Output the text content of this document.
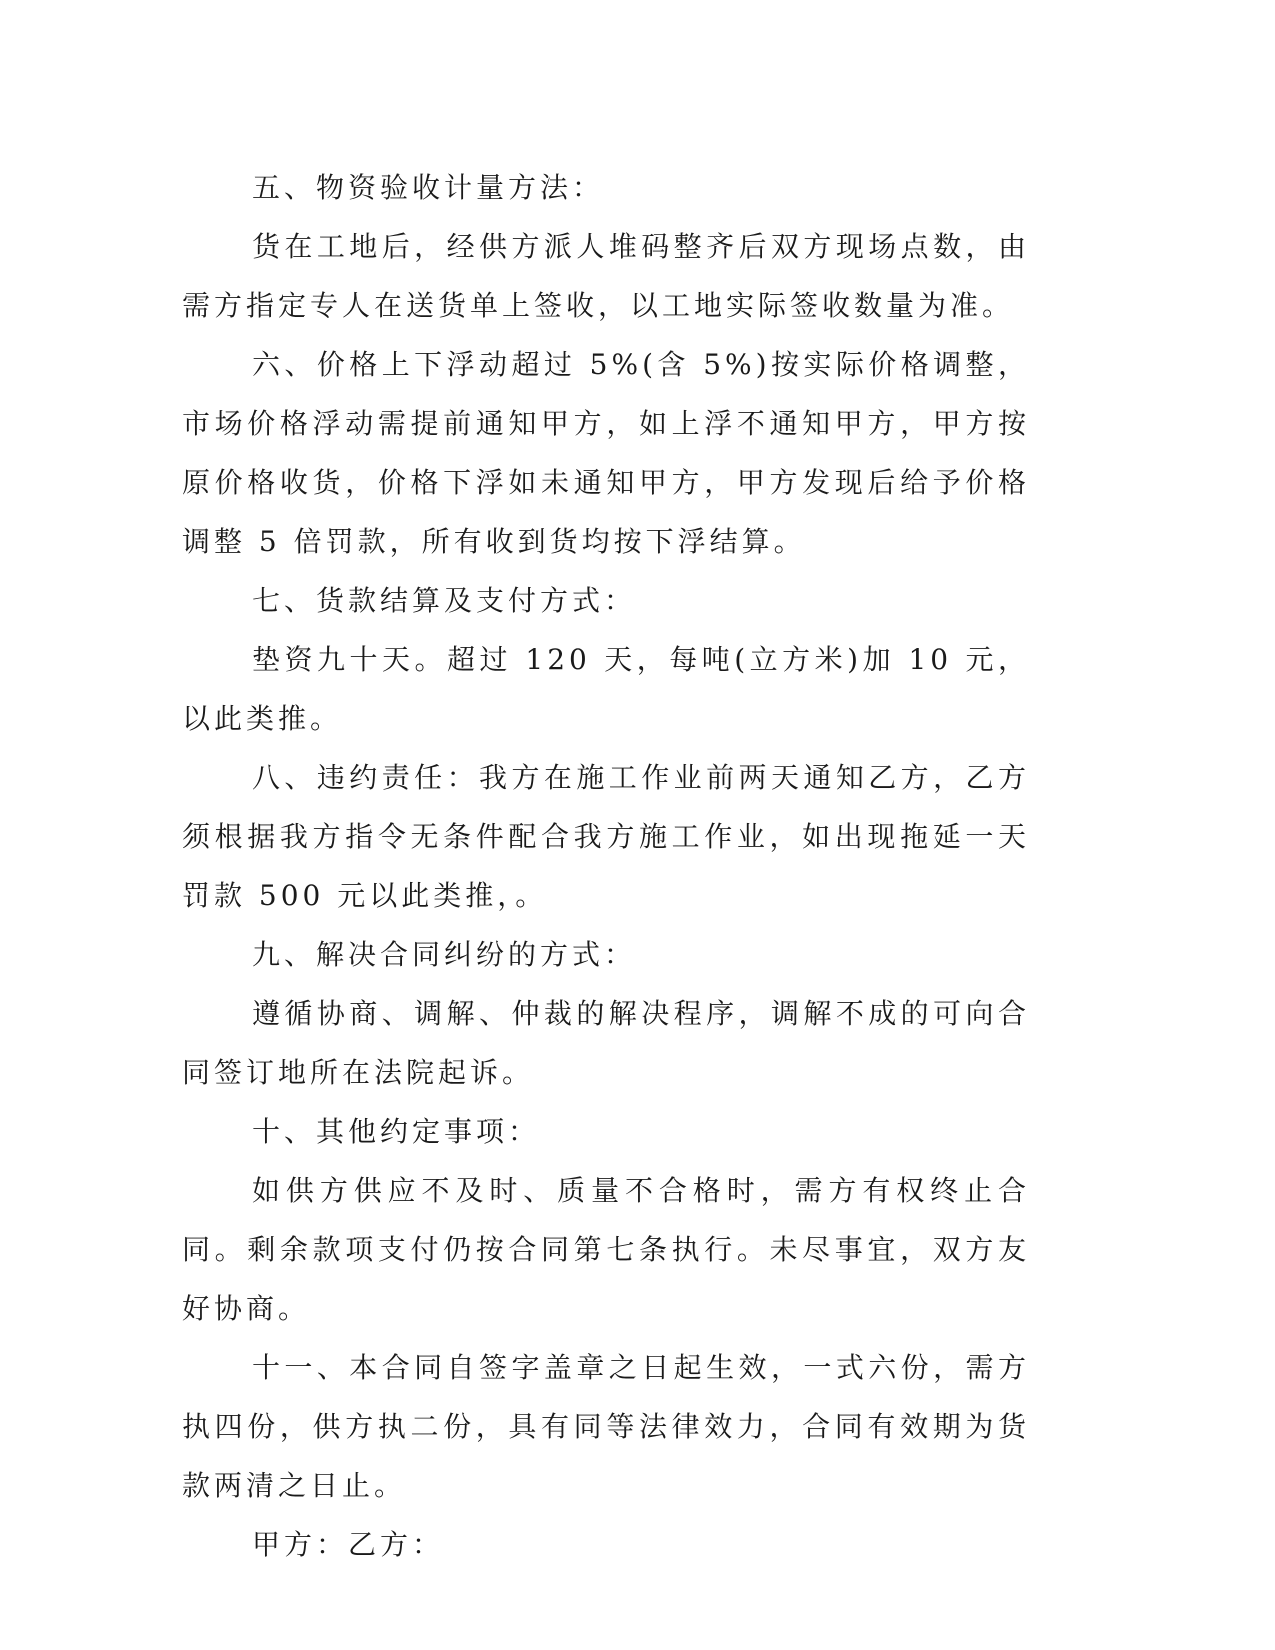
五、物资验收计量方法：

货在工地后，经供方派人堆码整齐后双方现场点数，由需方指定专人在送货单上签收，以工地实际签收数量为准。

六、价格上下浮动超过 5%(含 5%)按实际价格调整，市场价格浮动需提前通知甲方，如上浮不通知甲方，甲方按原价格收货，价格下浮如未通知甲方，甲方发现后给予价格调整 5 倍罚款，所有收到货均按下浮结算。

七、货款结算及支付方式：

垫资九十天。超过 120 天，每吨(立方米)加 10 元，以此类推。

八、违约责任：我方在施工作业前两天通知乙方，乙方须根据我方指令无条件配合我方施工作业，如出现拖延一天罚款 500 元以此类推，。

九、解决合同纠纷的方式：

遵循协商、调解、仲裁的解决程序，调解不成的可向合同签订地所在法院起诉。

十、其他约定事项：

如供方供应不及时、质量不合格时，需方有权终止合同。剩余款项支付仍按合同第七条执行。未尽事宜，双方友好协商。

十一、本合同自签字盖章之日起生效，一式六份，需方执四份，供方执二份，具有同等法律效力，合同有效期为货款两清之日止。

甲方：乙方：
